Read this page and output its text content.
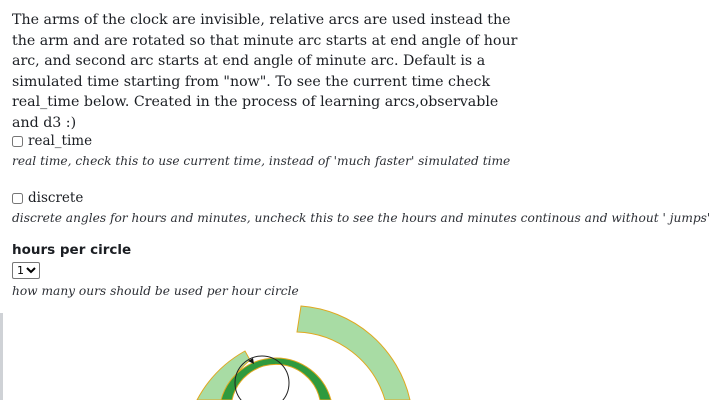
The arms of the clock are invisible, relative arcs are used instead the the arm and are rotated so that minute arc starts at end angle of hour arc, and second arc starts at end angle of minute arc. Default is a simulated time starting from "now". To see the current time check real_time below. Created in the process of learning arcs,observable and d3 :)

real_time

real time, check this to use current time, instead of 'much faster' simulated time

discrete

discrete angles for hours and minutes, uncheck this to see the hours and minutes continous and without ' jumps'

hours per circle

12

how many ours should be used per hour circle
